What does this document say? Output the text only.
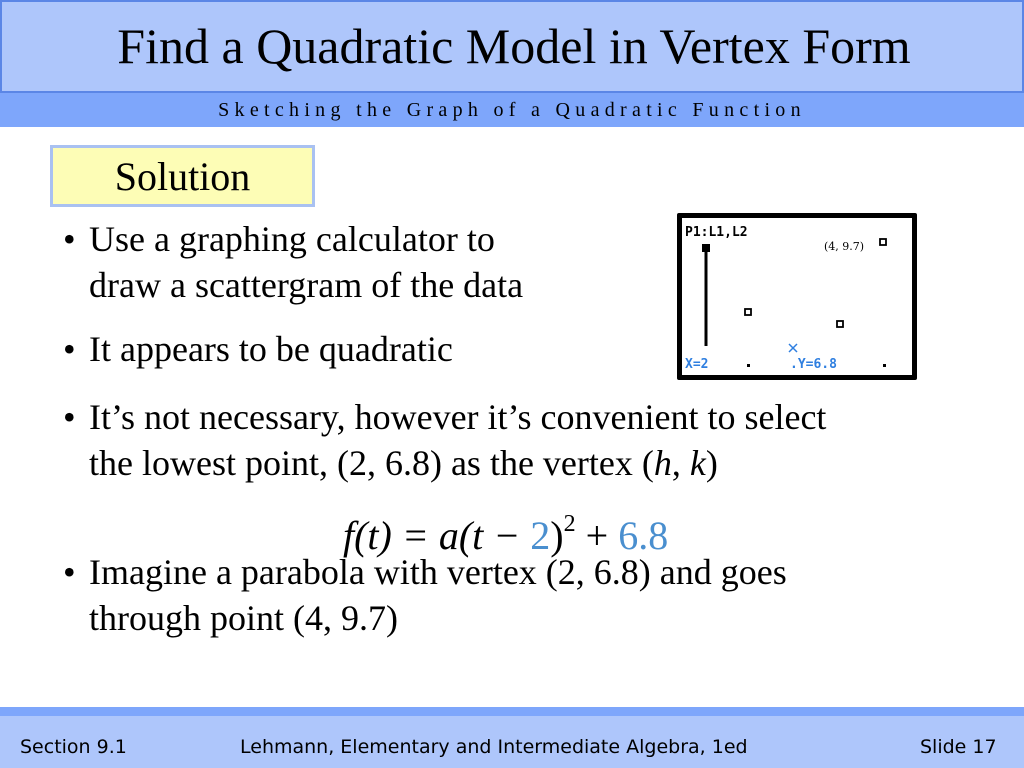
Find a Quadratic Model in Vertex Form
Sketching the Graph of a Quadratic Function
Solution
• Use a graphing calculator to
draw a scattergram of the data
• It appears to be quadratic
• It’s not necessary, however it’s convenient to select
the lowest point, (2, 6.8) as the vertex (h, k)
$f(t) = a(t - 2)^2 + 6.8$
• Imagine a parabola with vertex (2, 6.8) and goes
through point (4, 9.7)
P1:L1,L2
(4, 9.7)
X=2	.Y=6.8
Section 9.1	Lehmann, Elementary and Intermediate Algebra, 1ed	Slide 17
